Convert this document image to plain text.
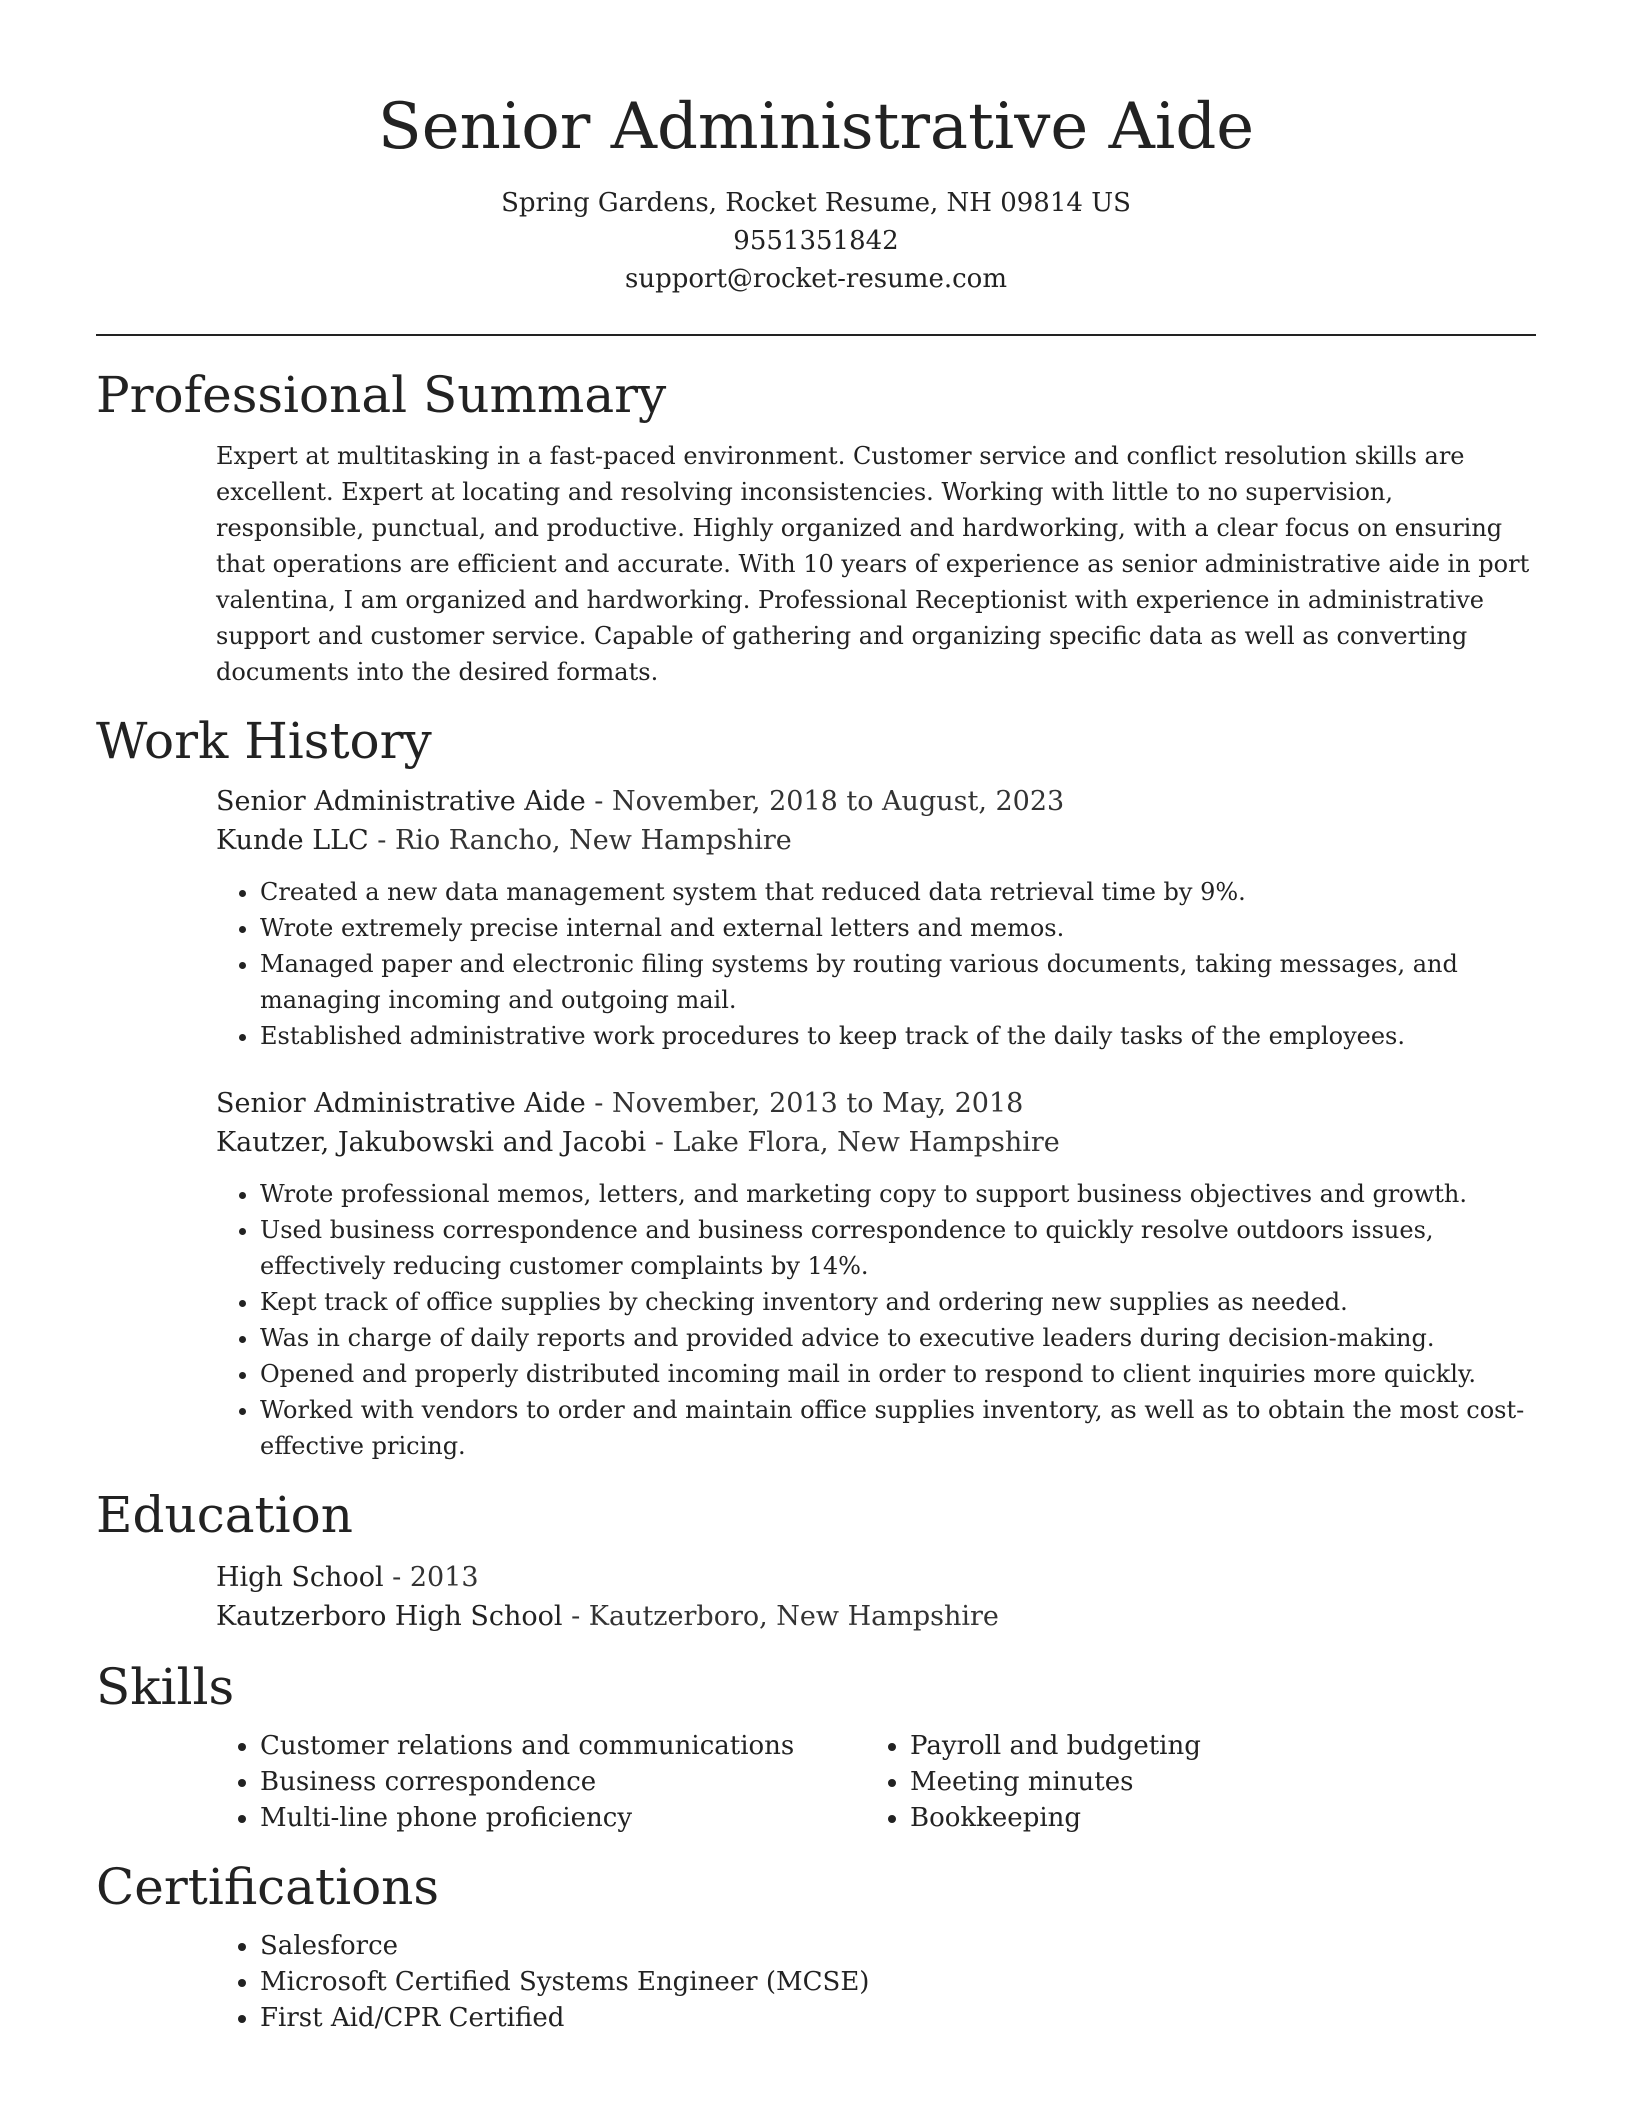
Senior Administrative Aide
Spring Gardens, Rocket Resume, NH 09814 US
9551351842
support@rocket-resume.com
Professional Summary

Expert at multitasking in a fast-paced environment. Customer service and conflict resolution skills are excellent. Expert at locating and resolving inconsistencies. Working with little to no supervision, responsible, punctual, and productive. Highly organized and hardworking, with a clear focus on ensuring that operations are efficient and accurate. With 10 years of experience as senior administrative aide in port valentina, I am organized and hardworking. Professional Receptionist with experience in administrative support and customer service. Capable of gathering and organizing specific data as well as converting documents into the desired formats.

Work History
Senior Administrative Aide - November, 2018 to August, 2023
Kunde LLC - Rio Rancho, New Hampshire
• Created a new data management system that reduced data retrieval time by 9%.
• Wrote extremely precise internal and external letters and memos.
• Managed paper and electronic filing systems by routing various documents, taking messages, and managing incoming and outgoing mail.
• Established administrative work procedures to keep track of the daily tasks of the employees.
Senior Administrative Aide - November, 2013 to May, 2018
Kautzer, Jakubowski and Jacobi - Lake Flora, New Hampshire
• Wrote professional memos, letters, and marketing copy to support business objectives and growth.
• Used business correspondence and business correspondence to quickly resolve outdoors issues, effectively reducing customer complaints by 14%.
• Kept track of office supplies by checking inventory and ordering new supplies as needed.
• Was in charge of daily reports and provided advice to executive leaders during decision-making.
• Opened and properly distributed incoming mail in order to respond to client inquiries more quickly.
• Worked with vendors to order and maintain office supplies inventory, as well as to obtain the most cost-effective pricing.
Education
High School - 2013
Kautzerboro High School - Kautzerboro, New Hampshire
Skills
• Customer relations and communications
• Business correspondence
• Multi-line phone proficiency
• Payroll and budgeting
• Meeting minutes
• Bookkeeping
Certifications
• Salesforce
• Microsoft Certified Systems Engineer (MCSE)
• First Aid/CPR Certified
